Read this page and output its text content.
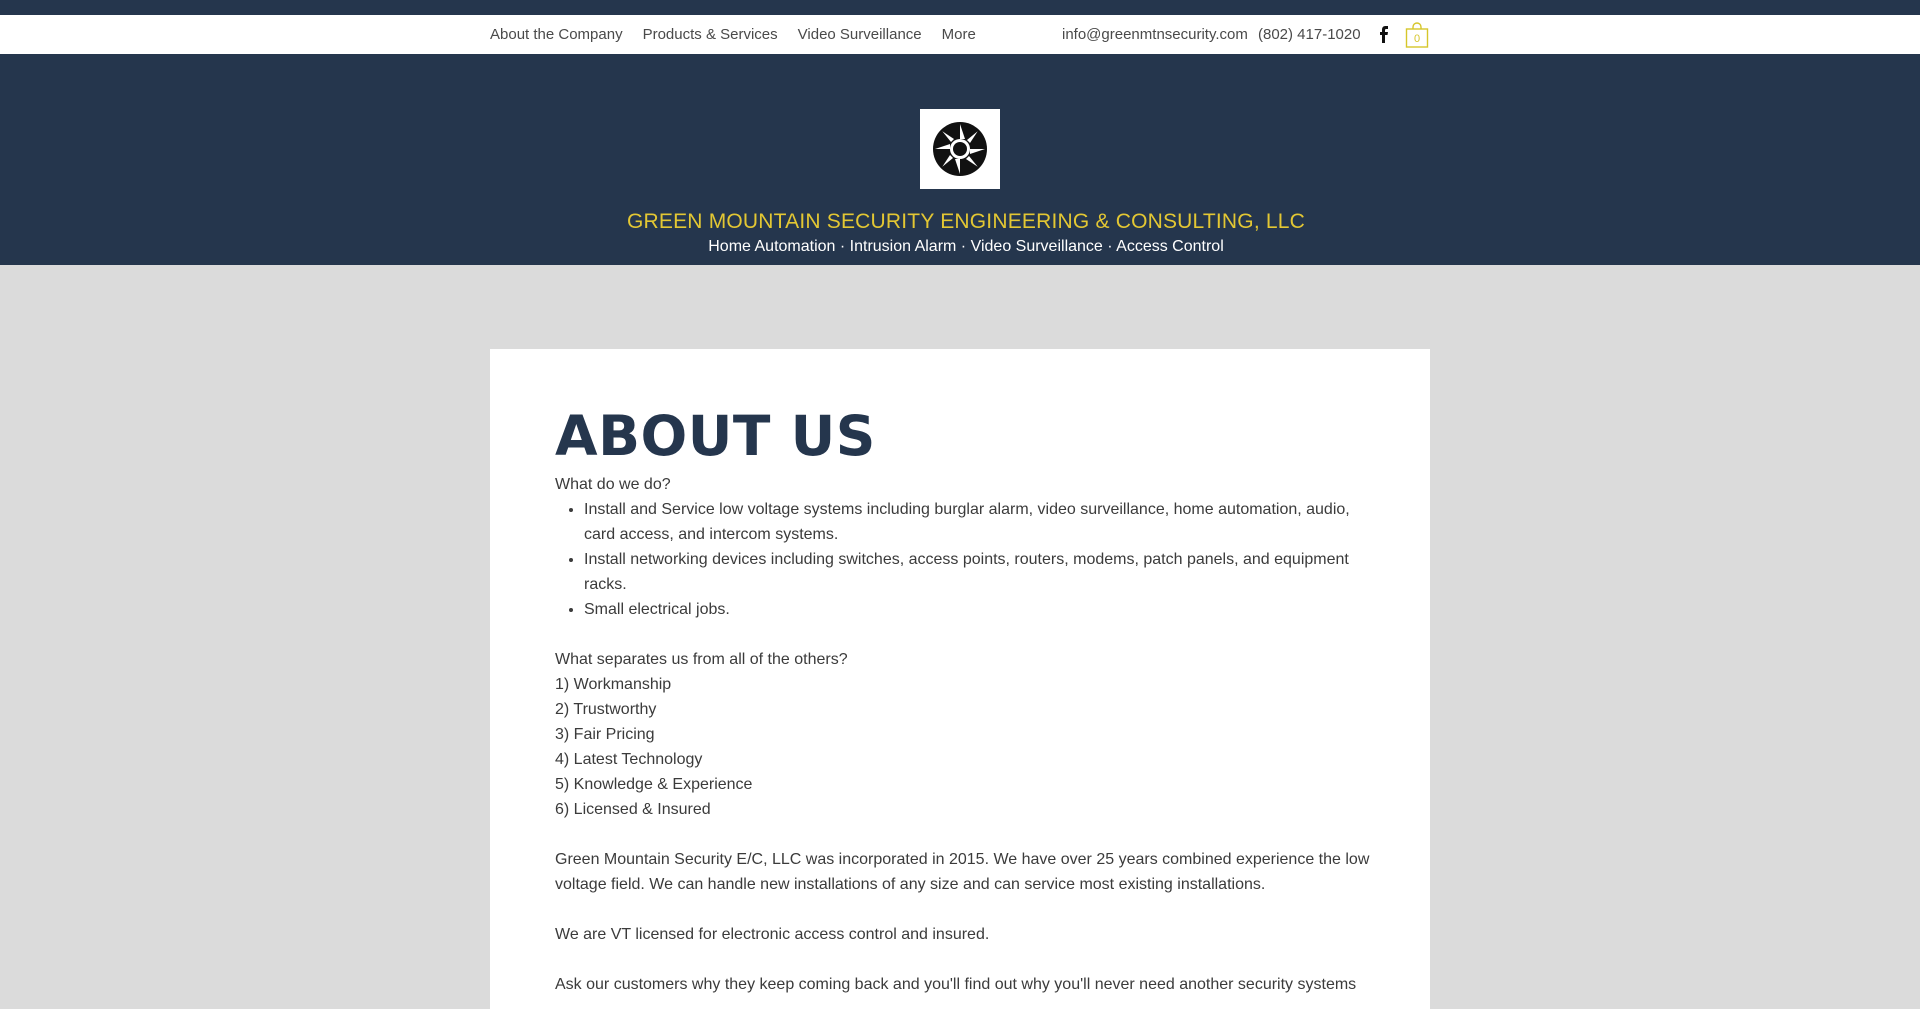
About the Company Products & Services Video Surveillance More	info@greenmtnsecurity.com (802) 417-1020	0
GREEN MOUNTAIN SECURITY ENGINEERING & CONSULTING, LLC
Home Automation · Intrusion Alarm · Video Surveillance · Access Control
ABOUT US

What do we do?

• Install and Service low voltage systems including burglar alarm, video surveillance, home automation, audio, card access, and intercom systems.
• Install networking devices including switches, access points, routers, modems, patch panels, and equipment racks.
• Small electrical jobs.

What separates us from all of the others?

1) Workmanship

2) Trustworthy

3) Fair Pricing

4) Latest Technology

5) Knowledge & Experience

6) Licensed & Insured

Green Mountain Security E/C, LLC was incorporated in 2015. We have over 25 years combined experience the low voltage field. We can handle new installations of any size and can service most existing installations.

We are VT licensed for electronic access control and insured.

Ask our customers why they keep coming back and you'll find out why you'll never need another security systems
